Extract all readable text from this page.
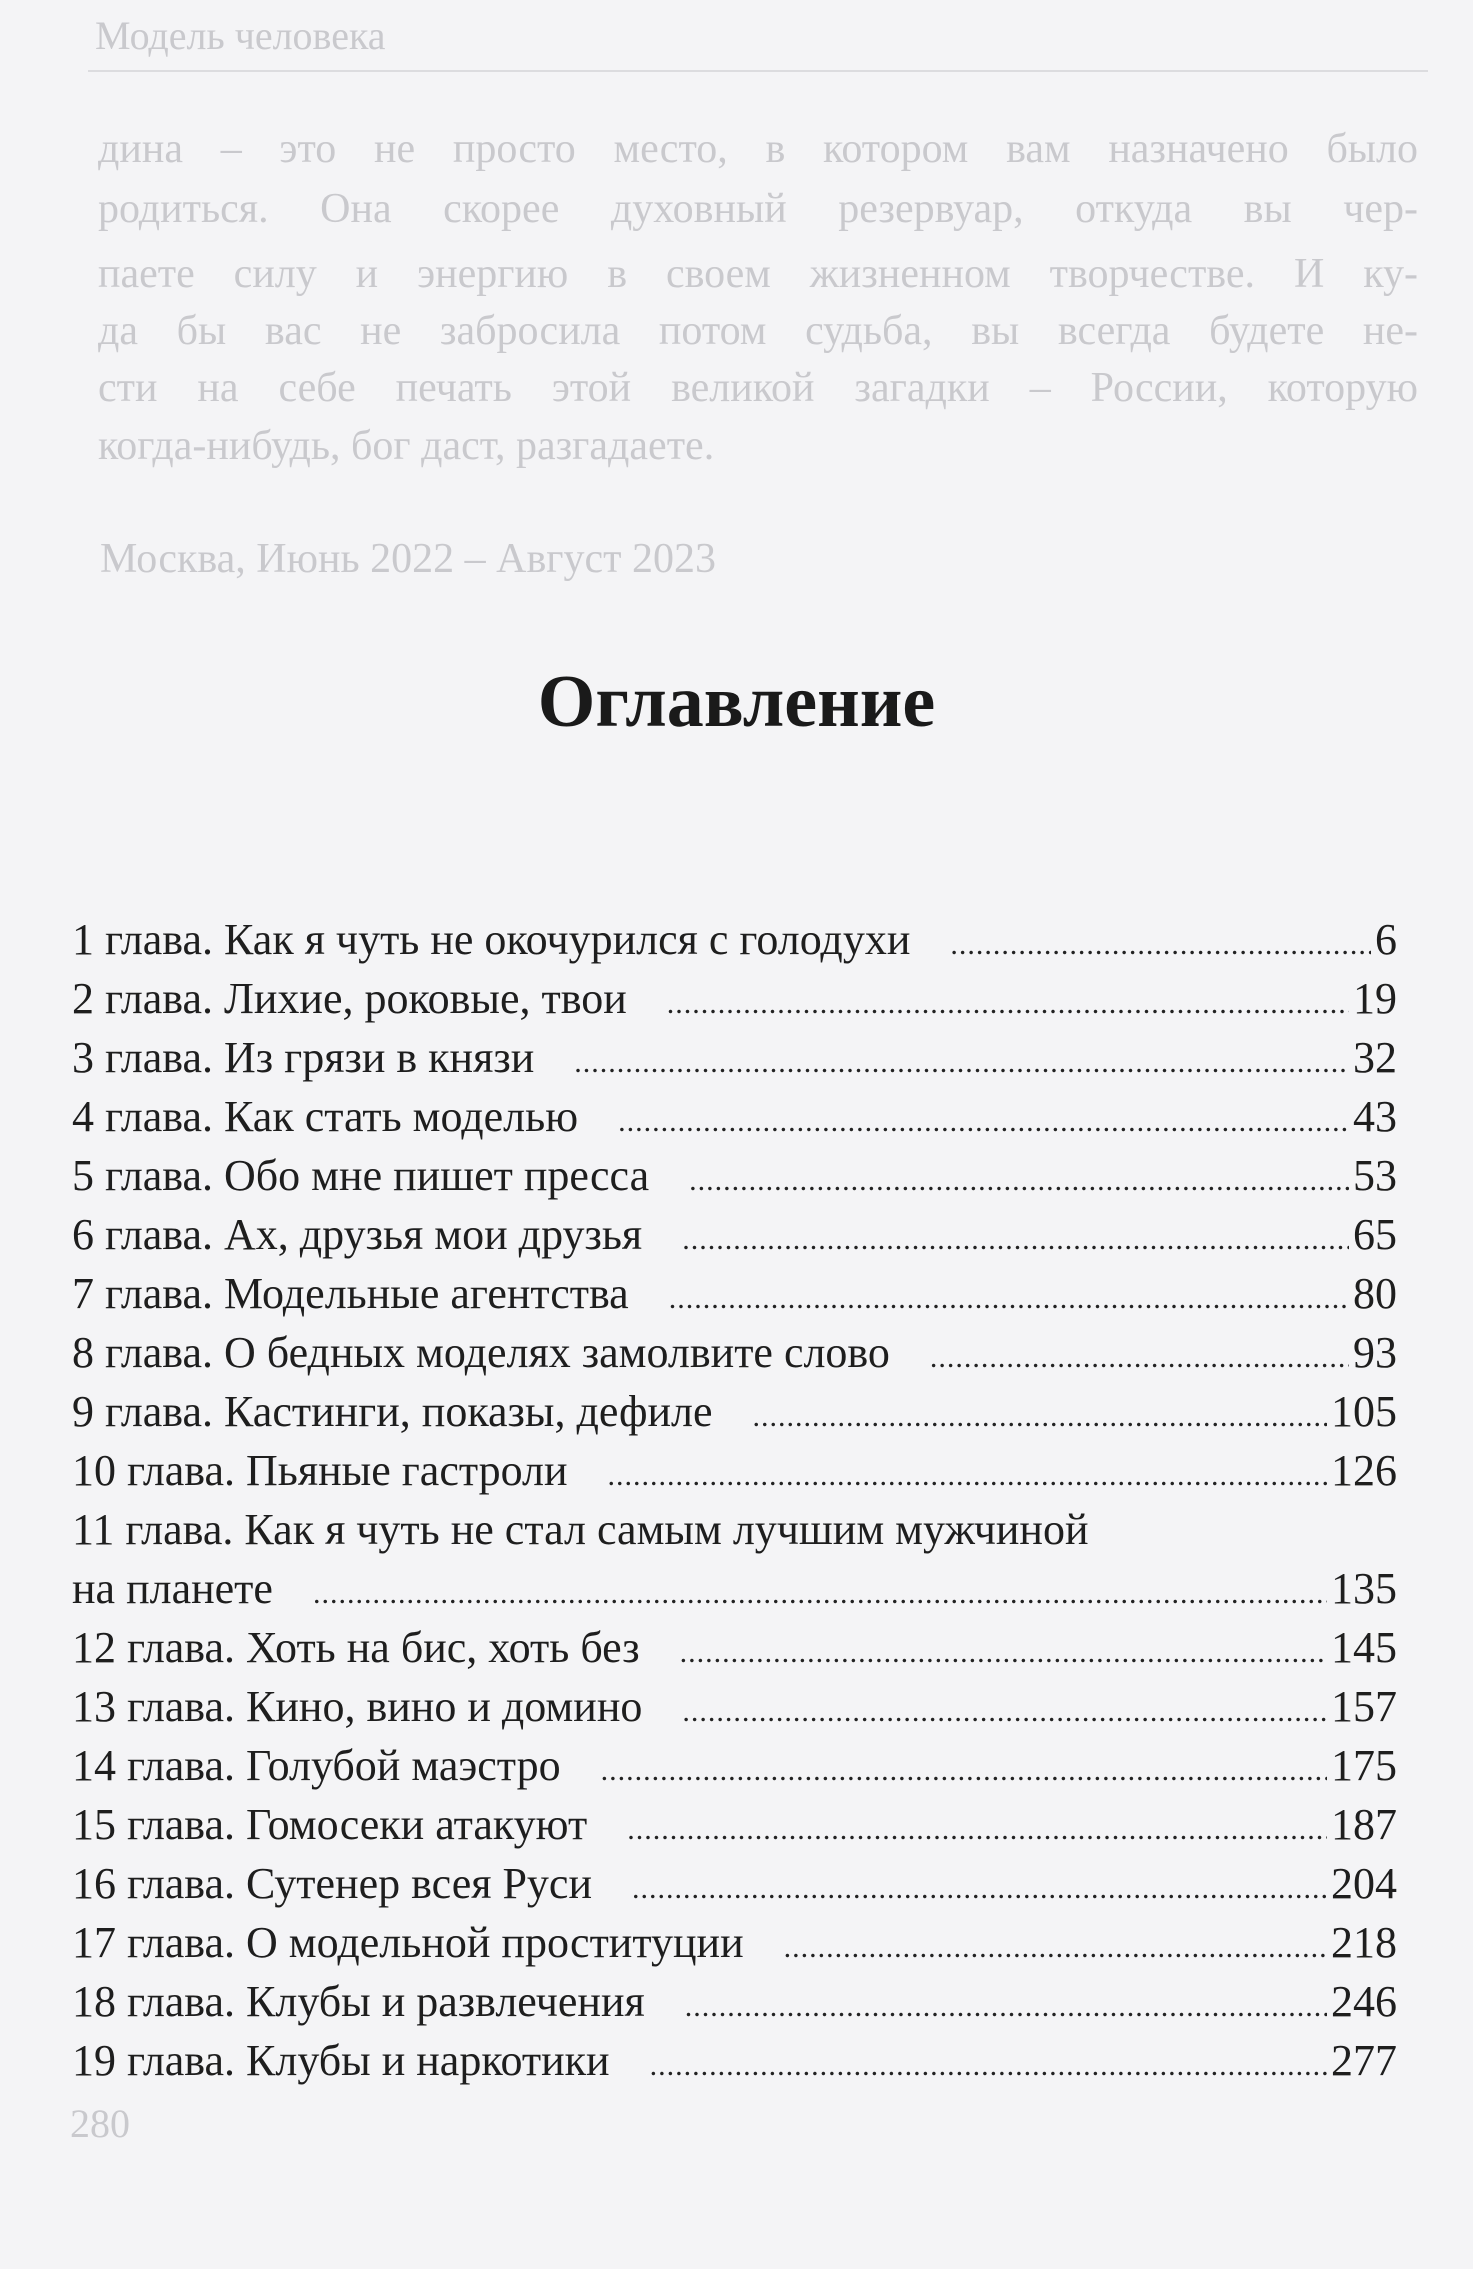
Модель человека
дина – это не просто место, в котором вам назначено было
родиться. Она скорее духовный резервуар, откуда вы чер-
паете силу и энергию в своем жизненном творчестве. И ку-
да бы вас не забросила потом судьба, вы всегда будете не-
сти на себе печать этой великой загадки – России, которую
когда-нибудь, бог даст, разгадаете.
Москва, Июнь 2022 – Август 2023
280
Оглавление
1 глава. Как я чуть не окочурился с голодухи .....	6
2 глава. Лихие, роковые, твои .....	19
3 глава. Из грязи в князи .....	32
4 глава. Как стать моделью .....	43
5 глава. Обо мне пишет пресса .....	53
6 глава. Ах, друзья мои друзья .....	65
7 глава. Модельные агентства .....	80
8 глава. О бедных моделях замолвите слово .....	93
9 глава. Кастинги, показы, дефиле .....	105
10 глава. Пьяные гастроли .....	126
11 глава. Как я чуть не стал самым лучшим мужчиной
на планете .....	135
12 глава. Хоть на бис, хоть без .....	145
13 глава. Кино, вино и домино .....	157
14 глава. Голубой маэстро .....	175
15 глава. Гомосеки атакуют .....	187
16 глава. Сутенер всея Руси .....	204
17 глава. О модельной проституции .....	218
18 глава. Клубы и развлечения .....	246
19 глава. Клубы и наркотики .....	277
